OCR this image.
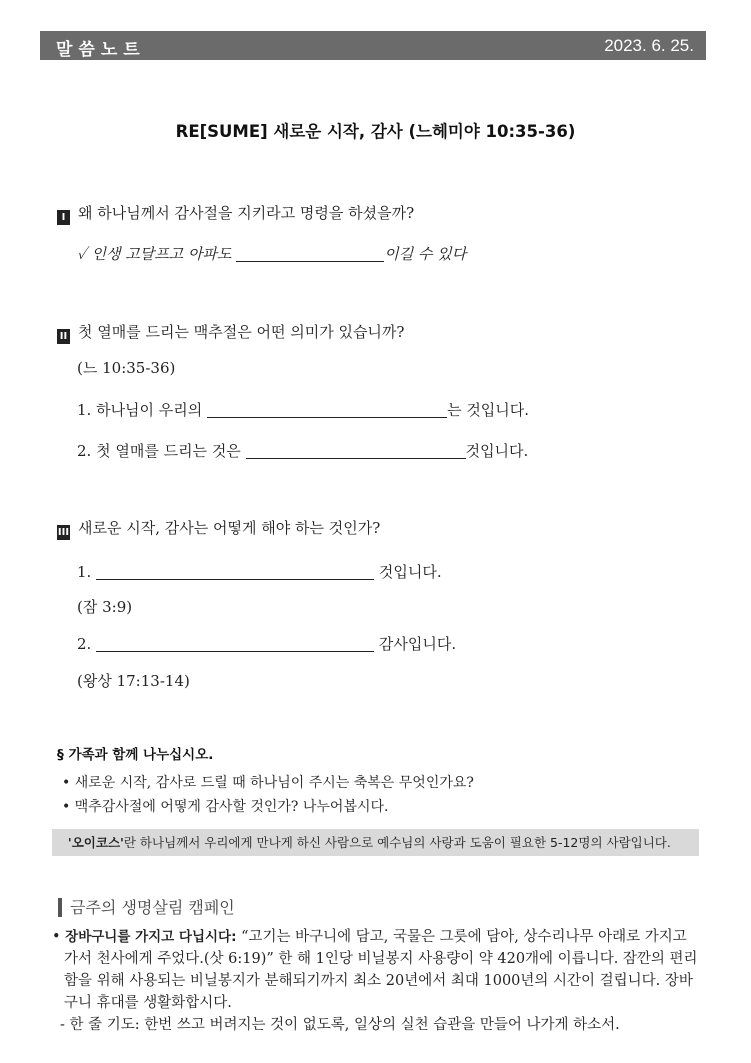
말씀노트	2023. 6. 25.
RE[SUME] 새로운 시작, 감사 (느헤미야 10:35-36)
I 왜 하나님께서 감사절을 지키라고 명령을 하셨을까?
✓ 인생 고달프고 아파도	이길 수 있다
II 첫 열매를 드리는 맥추절은 어떤 의미가 있습니까?
(느 10:35-36)
1. 하나님이 우리의	는 것입니다.
2. 첫 열매를 드리는 것은	것입니다.
III 새로운 시작, 감사는 어떻게 해야 하는 것인가?
1.	것입니다.
(잠 3:9)
2.	감사입니다.
(왕상 17:13-14)
§ 가족과 함께 나누십시오.
• 새로운 시작, 감사로 드릴 때 하나님이 주시는 축복은 무엇인가요?
• 맥추감사절에 어떻게 감사할 것인가? 나누어봅시다.
'오이코스'란 하나님께서 우리에게 만나게 하신 사람으로 예수님의 사랑과 도움이 필요한 5-12명의 사람입니다.
금주의 생명살림 캠페인
• 장바구니를 가지고 다닙시다: “고기는 바구니에 담고, 국물은 그릇에 담아, 상수리나무 아래로 가지고 가서 천사에게 주었다.(삿 6:19)” 한 해 1인당 비닐봉지 사용량이 약 420개에 이릅니다. 잠깐의 편리함을 위해 사용되는 비닐봉지가 분해되기까지 최소 20년에서 최대 1000년의 시간이 걸립니다. 장바구니 휴대를 생활화합시다.
- 한 줄 기도: 한번 쓰고 버려지는 것이 없도록, 일상의 실천 습관을 만들어 나가게 하소서.
